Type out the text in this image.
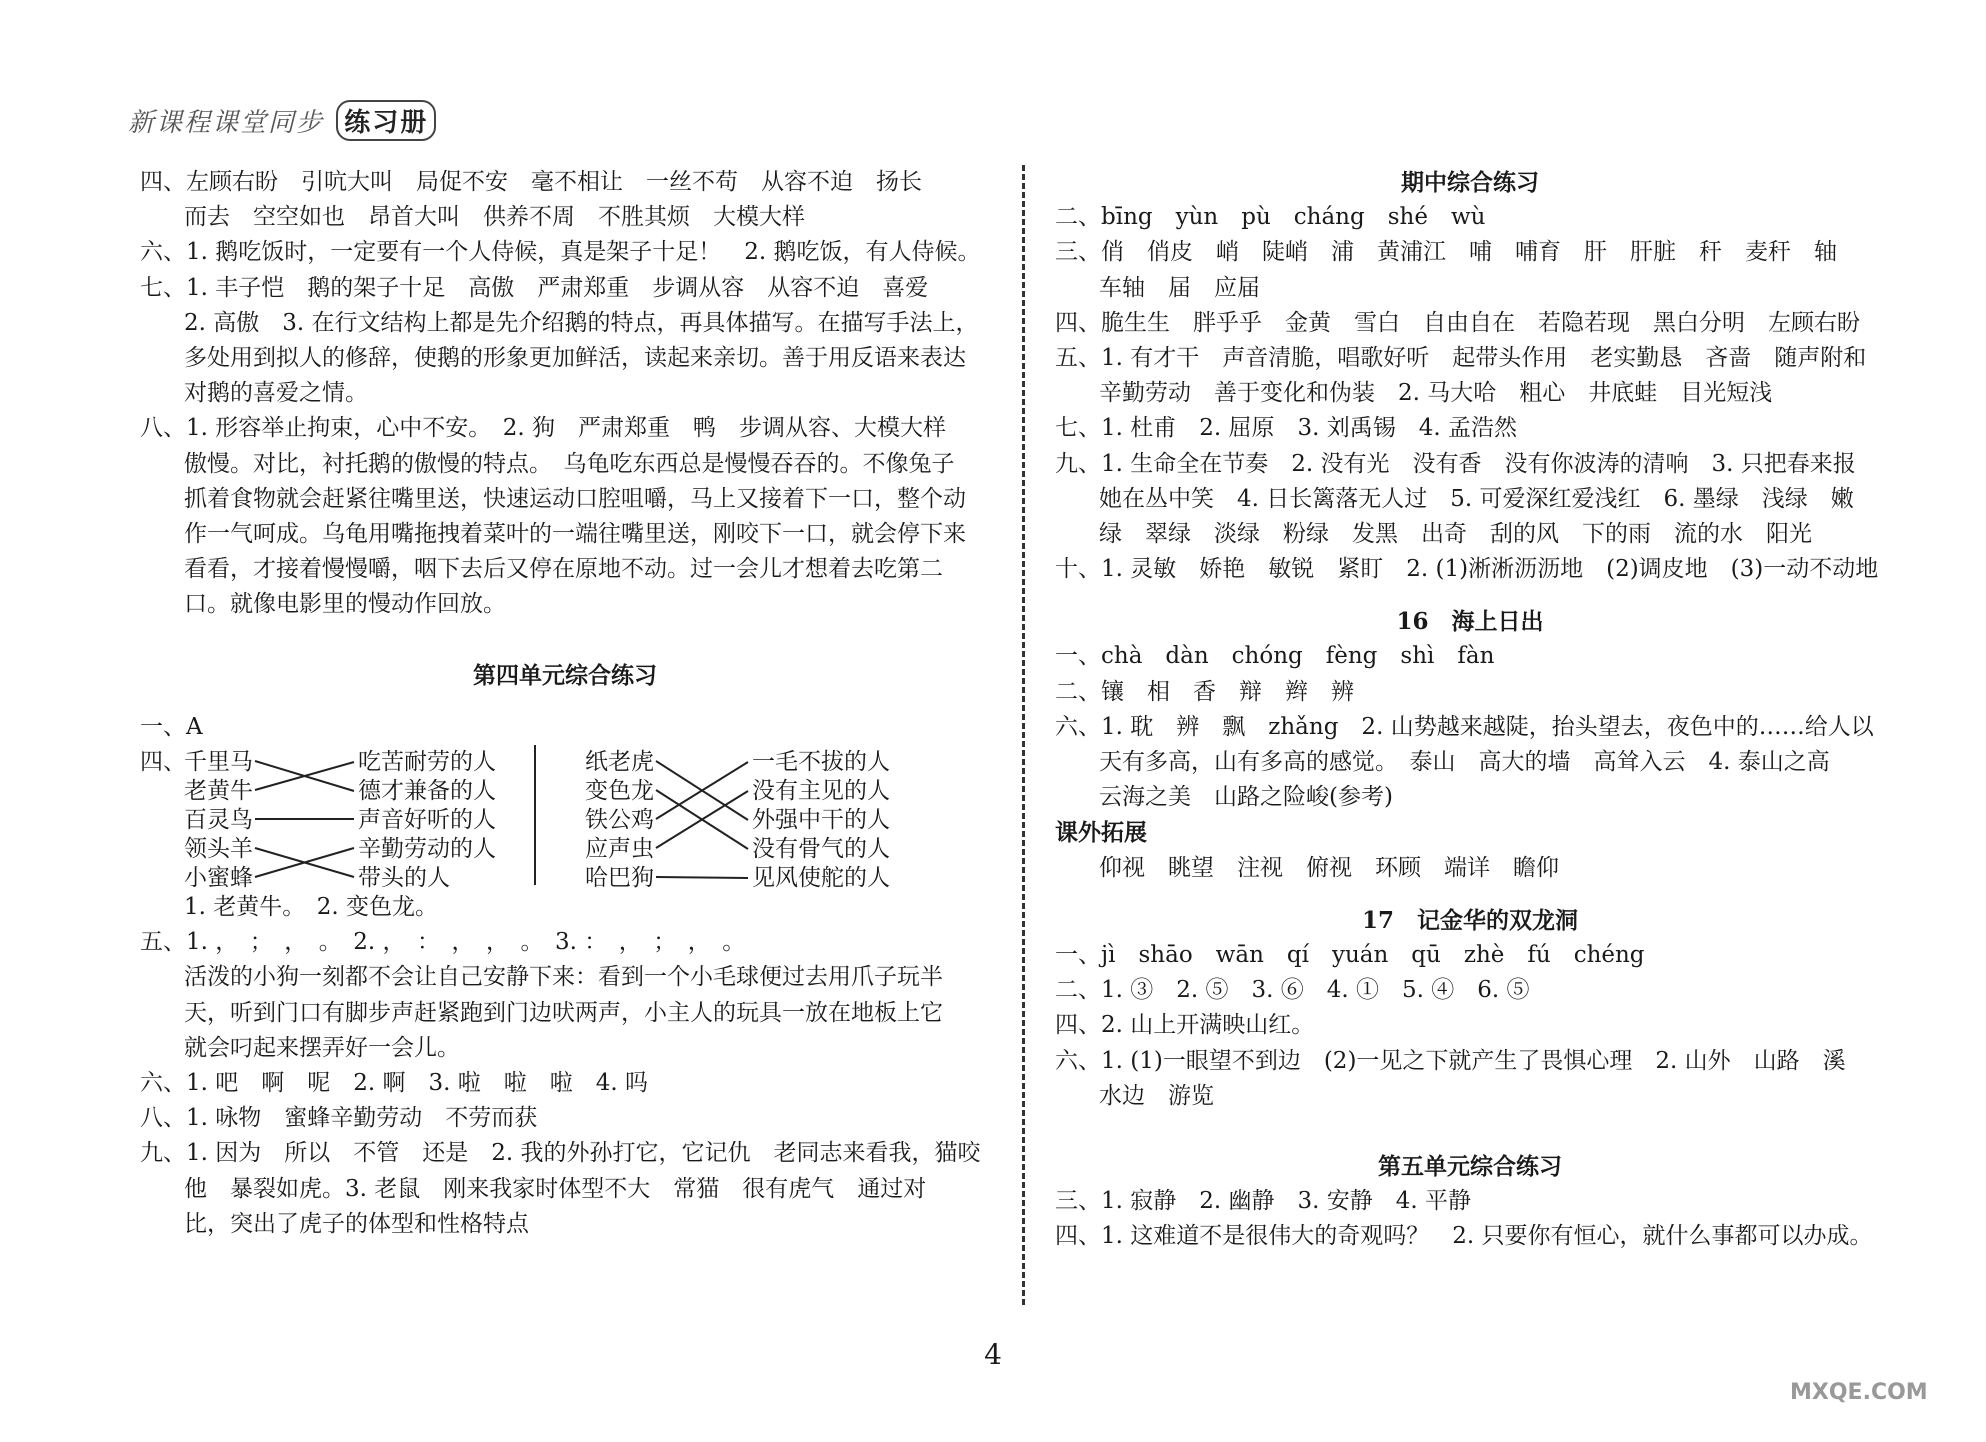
新课程课堂同步 练习册
四、左顾右盼　引吭大叫　局促不安　毫不相让　一丝不苟　从容不迫　扬长
而去　空空如也　昂首大叫　供养不周　不胜其烦　大模大样
六、1. 鹅吃饭时，一定要有一个人侍候，真是架子十足！　2. 鹅吃饭，有人侍候。
七、1. 丰子恺　鹅的架子十足　高傲　严肃郑重　步调从容　从容不迫　喜爱
2. 高傲　3. 在行文结构上都是先介绍鹅的特点，再具体描写。在描写手法上，
多处用到拟人的修辞，使鹅的形象更加鲜活，读起来亲切。善于用反语来表达
对鹅的喜爱之情。
八、1. 形容举止拘束，心中不安。　2. 狗　严肃郑重　鸭　步调从容、大模大样
傲慢。对比，衬托鹅的傲慢的特点。　乌龟吃东西总是慢慢吞吞的。不像兔子
抓着食物就会赶紧往嘴里送，快速运动口腔咀嚼，马上又接着下一口，整个动
作一气呵成。乌龟用嘴拖拽着菜叶的一端往嘴里送，刚咬下一口，就会停下来
看看，才接着慢慢嚼，咽下去后又停在原地不动。过一会儿才想着去吃第二
口。就像电影里的慢动作回放。
第四单元综合练习
一、A
四、
千里马
老黄牛
百灵鸟
领头羊
小蜜蜂
吃苦耐劳的人
德才兼备的人
声音好听的人
辛勤劳动的人
带头的人
纸老虎
变色龙
铁公鸡
应声虫
哈巴狗
一毛不拔的人
没有主见的人
外强中干的人
没有骨气的人
见风使舵的人
1. 老黄牛。　2. 变色龙。
五、1. ，　；　，　。　2. ，　：　，　，　。　3. ：　，　；　，　。
活泼的小狗一刻都不会让自己安静下来：看到一个小毛球便过去用爪子玩半
天，听到门口有脚步声赶紧跑到门边吠两声，小主人的玩具一放在地板上它
就会叼起来摆弄好一会儿。
六、1. 吧　啊　呢　2. 啊　3. 啦　啦　啦　4. 吗
八、1. 咏物　蜜蜂辛勤劳动　不劳而获
九、1. 因为　所以　不管　还是　2. 我的外孙打它，它记仇　老同志来看我，猫咬
他　暴裂如虎。3. 老鼠　刚来我家时体型不大　常猫　很有虎气　通过对
比，突出了虎子的体型和性格特点
期中综合练习
二、bīng　yùn　pù　cháng　shé　wù
三、俏　俏皮　峭　陡峭　浦　黄浦江　哺　哺育　肝　肝脏　秆　麦秆　轴
车轴　届　应届
四、脆生生　胖乎乎　金黄　雪白　自由自在　若隐若现　黑白分明　左顾右盼
五、1. 有才干　声音清脆，唱歌好听　起带头作用　老实勤恳　吝啬　随声附和
辛勤劳动　善于变化和伪装　2. 马大哈　粗心　井底蛙　目光短浅
七、1. 杜甫　2. 屈原　3. 刘禹锡　4. 孟浩然
九、1. 生命全在节奏　2. 没有光　没有香　没有你波涛的清响　3. 只把春来报
她在丛中笑　4. 日长篱落无人过　5. 可爱深红爱浅红　6. 墨绿　浅绿　嫩
绿　翠绿　淡绿　粉绿　发黑　出奇　刮的风　下的雨　流的水　阳光
十、1. 灵敏　娇艳　敏锐　紧盯　2. (1)淅淅沥沥地　(2)调皮地　(3)一动不动地
16　海上日出
一、chà　dàn　chóng　fèng　shì　fàn
二、镶　相　香　辩　辫　辨
六、1. 耽　辨　飘　zhǎng　2. 山势越来越陡，抬头望去，夜色中的……给人以
天有多高，山有多高的感觉。　泰山　高大的墙　高耸入云　4. 泰山之高
云海之美　山路之险峻(参考)
课外拓展
仰视　眺望　注视　俯视　环顾　端详　瞻仰
17　记金华的双龙洞
一、jì　shāo　wān　qí　yuán　qū　zhè　fú　chéng
二、1. ③　2. ⑤　3. ⑥　4. ①　5. ④　6. ⑤
四、2. 山上开满映山红。
六、1. (1)一眼望不到边　(2)一见之下就产生了畏惧心理　2. 山外　山路　溪
水边　游览
第五单元综合练习
三、1. 寂静　2. 幽静　3. 安静　4. 平静
四、1. 这难道不是很伟大的奇观吗？　2. 只要你有恒心，就什么事都可以办成。
4
MXQE.COM
